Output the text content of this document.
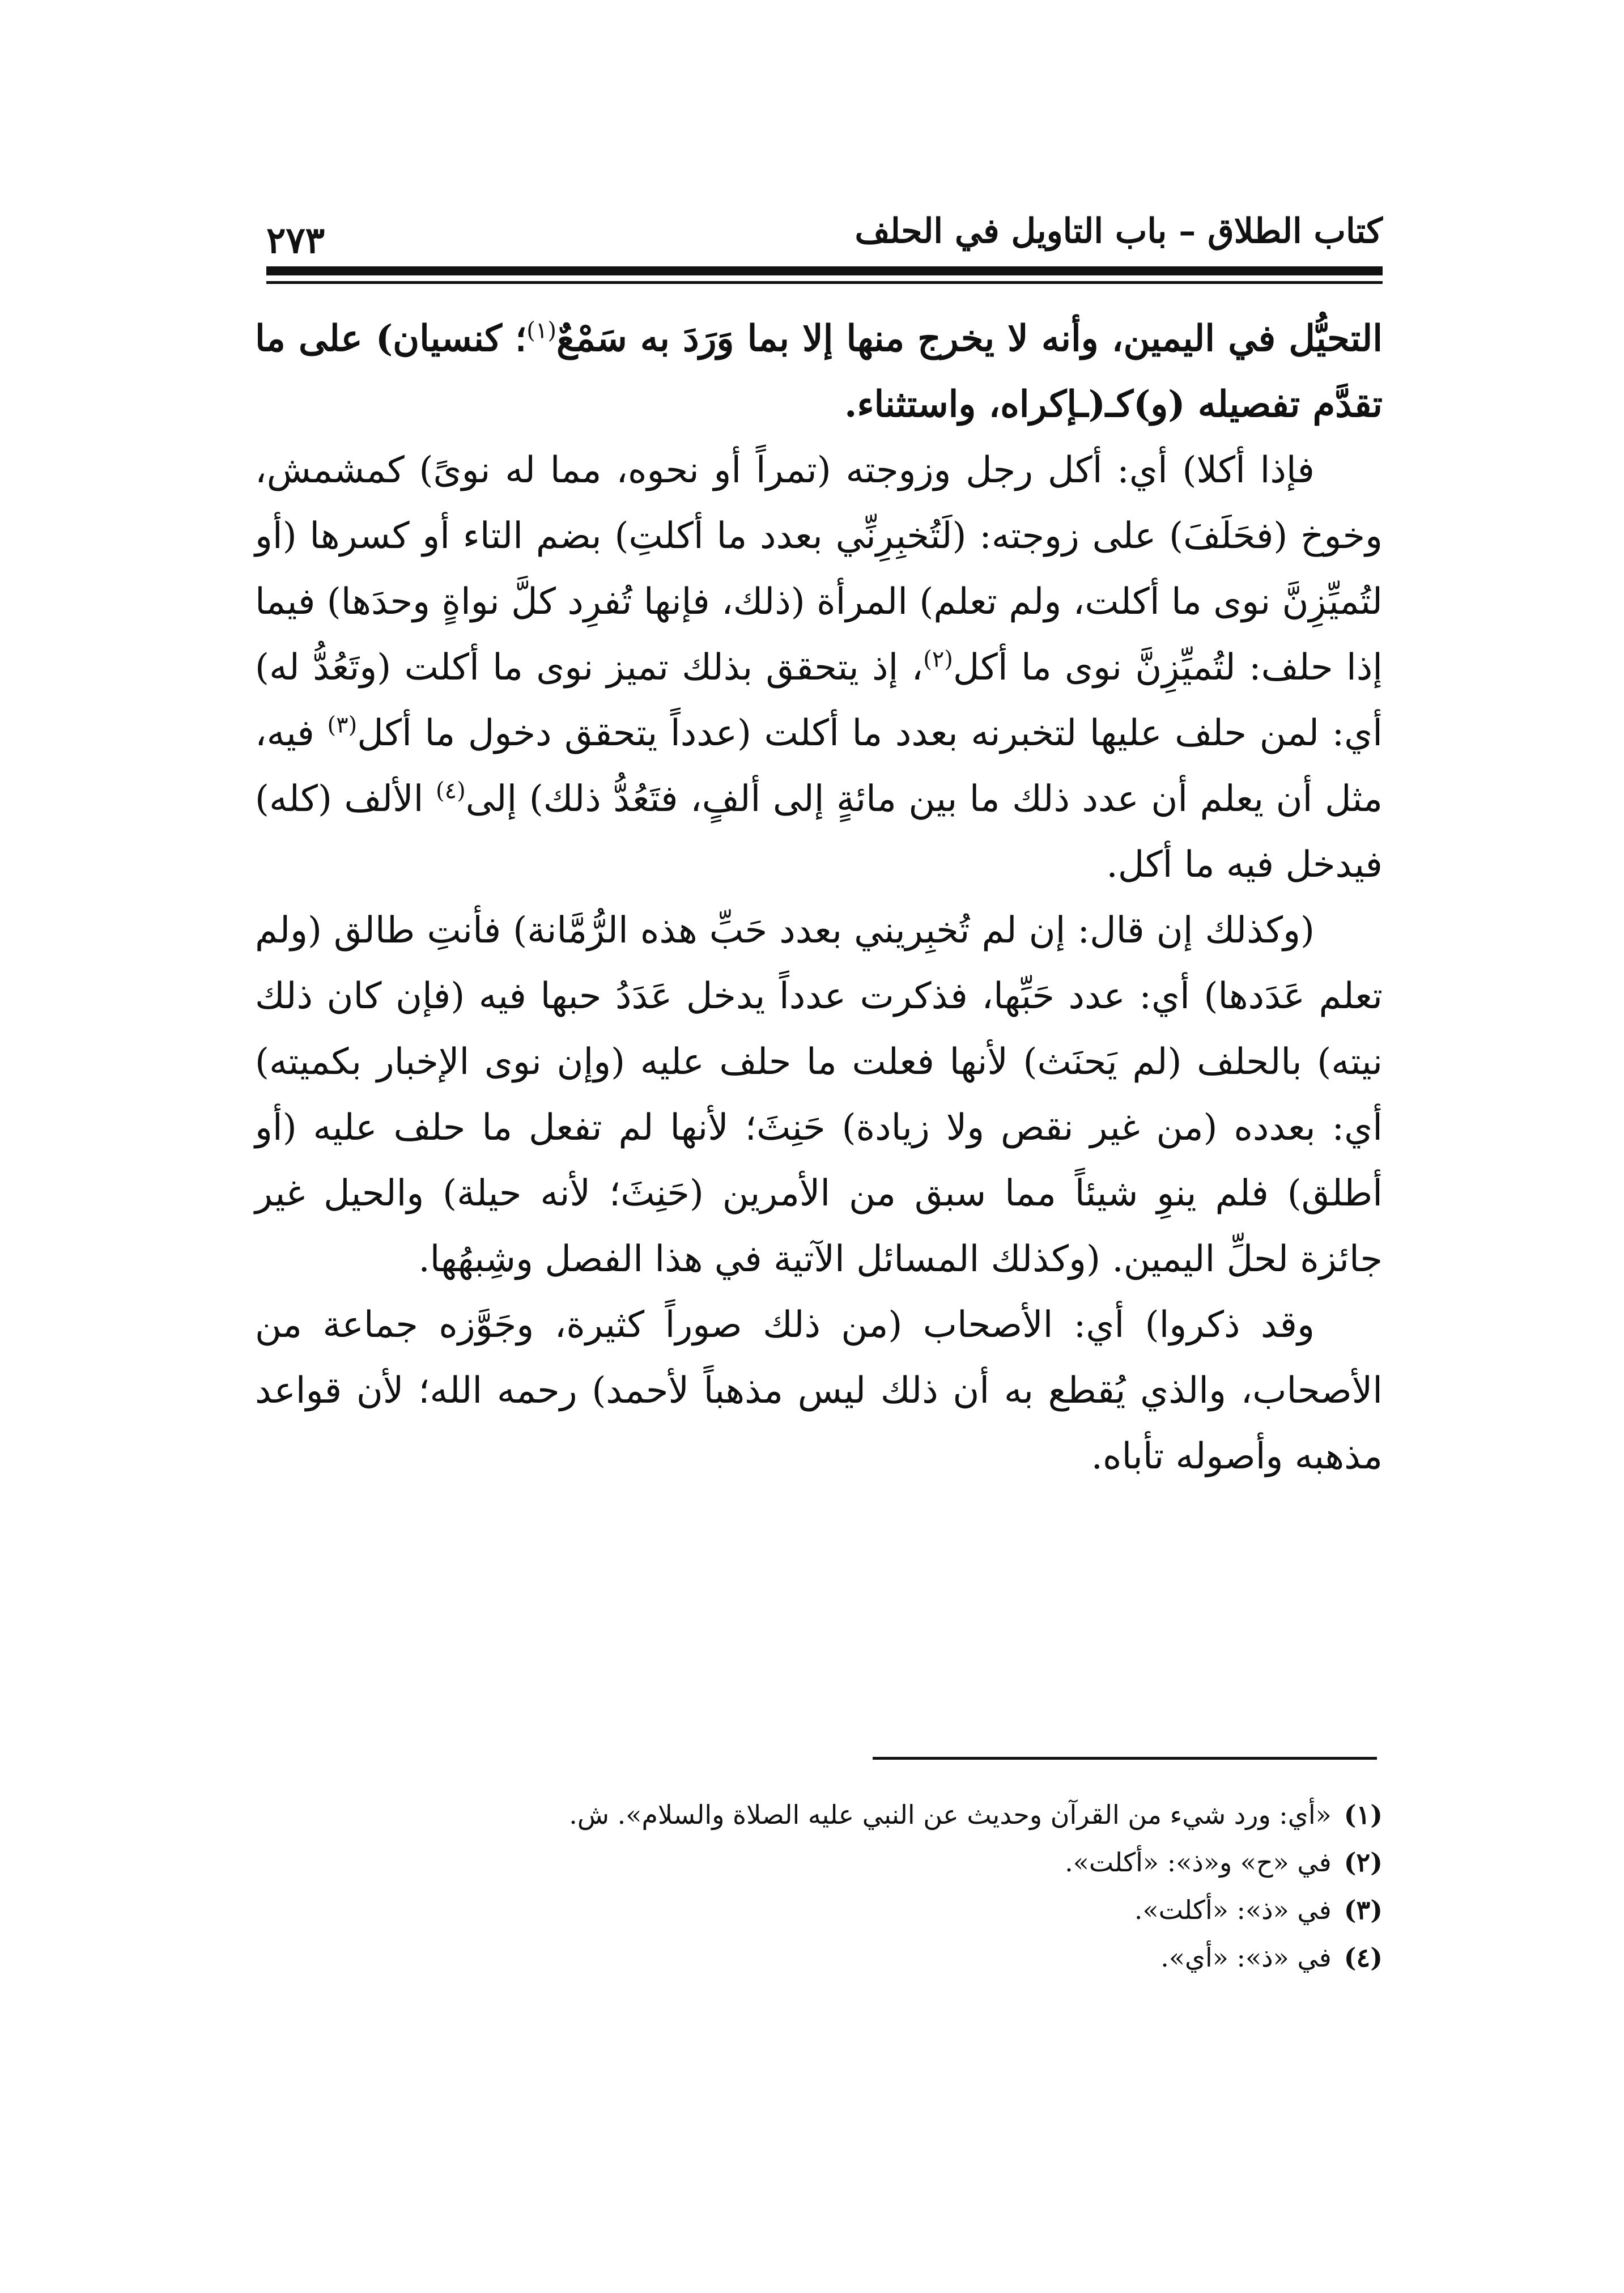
كتاب الطلاق – باب التاويل في الحلف
٢٧٣

التحيُّل في اليمين، وأنه لا يخرج منها إلا بما وَرَدَ به سَمْعٌ$^{(١)}$؛ كنسيان) على ما تقدَّم تفصيله (و)كـ(ـإكراه، واستثناء.

فإذا أكلا) أي: أكل رجل وزوجته (تمراً أو نحوه، مما له نوىً) كمشمش، وخوخ (فحَلَفَ) على زوجته: (لَتُخبِرِنِّي بعدد ما أكلتِ) بضم التاء أو كسرها (أو لتُميِّزِنَّ نوى ما أكلت، ولم تعلم) المرأة (ذلك، فإنها تُفرِد كلَّ نواةٍ وحدَها) فيما إذا حلف: لتُميِّزِنَّ نوى ما أكل$^{(٢)}$، إذ يتحقق بذلك تميز نوى ما أكلت (وتَعُدُّ له) أي: لمن حلف عليها لتخبرنه بعدد ما أكلت (عدداً يتحقق دخول ما أكل$^{(٣)}$ فيه، مثل أن يعلم أن عدد ذلك ما بين مائةٍ إلى ألفٍ، فتَعُدُّ ذلك) إلى$^{(٤)}$ الألف (كله) فيدخل فيه ما أكل.

(وكذلك إن قال: إن لم تُخبِريني بعدد حَبِّ هذه الرُّمَّانة) فأنتِ طالق (ولم تعلم عَدَدها) أي: عدد حَبِّها، فذكرت عدداً يدخل عَدَدُ حبها فيه (فإن كان ذلك نيته) بالحلف (لم يَحنَث) لأنها فعلت ما حلف عليه (وإن نوى الإخبار بكميته) أي: بعدده (من غير نقص ولا زيادة) حَنِثَ؛ لأنها لم تفعل ما حلف عليه (أو أطلق) فلم ينوِ شيئاً مما سبق من الأمرين (حَنِثَ؛ لأنه حيلة) والحيل غير جائزة لحلِّ اليمين. (وكذلك المسائل الآتية في هذا الفصل وشِبهُها.

وقد ذكروا) أي: الأصحاب (من ذلك صوراً كثيرة، وجَوَّزه جماعة من الأصحاب، والذي يُقطع به أن ذلك ليس مذهباً لأحمد) رحمه الله؛ لأن قواعد مذهبه وأصوله تأباه.

(١)«أي: ورد شيء من القرآن وحديث عن النبي عليه الصلاة والسلام». ش.

(٢)في «ح» و«ذ»: «أكلت».

(٣)في «ذ»: «أكلت».

(٤)في «ذ»: «أي».
